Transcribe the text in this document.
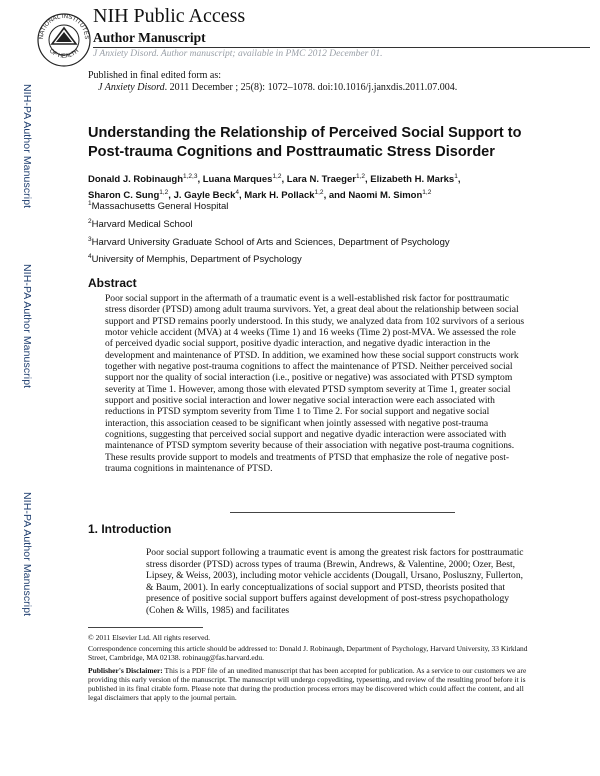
NATIONAL INSTITUTES
OF HEALTH
NIH Public Access
Author Manuscript
J Anxiety Disord. Author manuscript; available in PMC 2012 December 01.
Published in final edited form as:
J Anxiety Disord. 2011 December ; 25(8): 1072–1078. doi:10.1016/j.janxdis.2011.07.004.
NIH-PA Author Manuscript
NIH-PA Author Manuscript
NIH-PA Author Manuscript
Understanding the Relationship of Perceived Social Support to Post-trauma Cognitions and Posttraumatic Stress Disorder
Donald J. Robinaugh$^{1,2,3}$, Luana Marques$^{1,2}$, Lara N. Traeger$^{1,2}$, Elizabeth H. Marks$^1$, Sharon C. Sung$^{1,2}$, J. Gayle Beck$^4$, Mark H. Pollack$^{1,2}$, and Naomi M. Simon$^{1,2}$
$^1$Massachusetts General Hospital
$^2$Harvard Medical School
$^3$Harvard University Graduate School of Arts and Sciences, Department of Psychology
$^4$University of Memphis, Department of Psychology
Abstract
Poor social support in the aftermath of a traumatic event is a well-established risk factor for posttraumatic stress disorder (PTSD) among adult trauma survivors. Yet, a great deal about the relationship between social support and PTSD remains poorly understood. In this study, we analyzed data from 102 survivors of a serious motor vehicle accident (MVA) at 4 weeks (Time 1) and 16 weeks (Time 2) post-MVA. We assessed the role of perceived dyadic social support, positive dyadic interaction, and negative dyadic interaction in the development and maintenance of PTSD. In addition, we examined how these social support constructs work together with negative post-trauma cognitions to affect the maintenance of PTSD. Neither perceived social support nor the quality of social interaction (i.e., positive or negative) was associated with PTSD symptom severity at Time 1. However, among those with elevated PTSD symptom severity at Time 1, greater social support and positive social interaction and lower negative social interaction were each associated with reductions in PTSD symptom severity from Time 1 to Time 2. For social support and negative social interaction, this association ceased to be significant when jointly assessed with negative post-trauma cognitions, suggesting that perceived social support and negative dyadic interaction were associated with maintenance of PTSD symptom severity because of their association with negative post-trauma cognitions. These results provide support to models and treatments of PTSD that emphasize the role of negative post-trauma cognitions in maintenance of PTSD.
1. Introduction
Poor social support following a traumatic event is among the greatest risk factors for posttraumatic stress disorder (PTSD) across types of trauma (Brewin, Andrews, & Valentine, 2000; Ozer, Best, Lipsey, & Weiss, 2003), including motor vehicle accidents (Dougall, Ursano, Posluszny, Fullerton, & Baum, 2001). In early conceptualizations of social support and PTSD, theorists posited that presence of positive social support buffers against development of post-stress psychopathology (Cohen & Wills, 1985) and facilitates
© 2011 Elsevier Ltd. All rights reserved.
Correspondence concerning this article should be addressed to: Donald J. Robinaugh, Department of Psychology, Harvard University, 33 Kirkland Street, Cambridge, MA 02138. robinaug@fas.harvard.edu.
Publisher's Disclaimer: This is a PDF file of an unedited manuscript that has been accepted for publication. As a service to our customers we are providing this early version of the manuscript. The manuscript will undergo copyediting, typesetting, and review of the resulting proof before it is published in its final citable form. Please note that during the production process errors may be discovered which could affect the content, and all legal disclaimers that apply to the journal pertain.
